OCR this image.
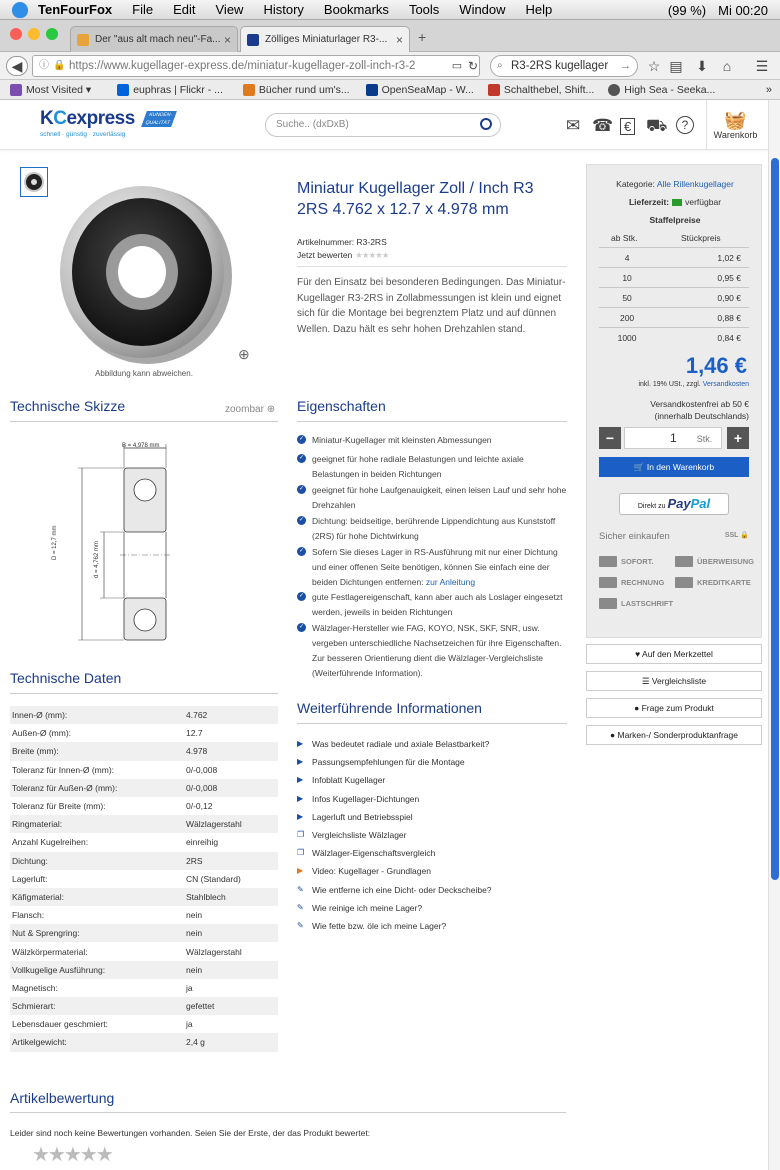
TenFourFox File Edit View History Bookmarks Tools Window Help	(99 %) Mi 00:20
Der "aus alt mach neu"-Fa... ×	Zölliges Miniaturlager R3-... × +
◀	ⓘ 🔒 https://www.kugellager-express.de/miniatur-kugellager-zoll-inch-r3-2	▭ ↻ ⌕ R3-2RS kugellager → ☆ ▤ ⬇ ⌂ ☰
Most Visited ▾	euphras | Flickr - ...	Bücher rund um's...	OpenSeaMap - W...	Schalthebel, Shift...	High Sea - Seeka...	»
KCexpress
schnell · günstig · zuverlässig
KUNDEN-QUALITÄT	Suche.. (dxDxB)	✉ ☎ € ⛟	?	🧺
Warenkorb
Abbildung kann abweichen.
⊕
Miniatur Kugellager Zoll / Inch R3 2RS 4.762 x 12.7 x 4.978 mm
Artikelnummer: R3-2RS
Jetzt bewerten ★★★★★
Für den Einsatz bei besonderen Bedingungen. Das Miniatur-Kugellager R3-2RS in Zollabmessungen ist klein und eignet sich für die Montage bei begrenztem Platz und auf dünnen Wellen. Dazu hält es sehr hohen Drehzahlen stand.
Kategorie: Alle Rillenkugellager
Lieferzeit: verfügbar
Staffelpreise
ab Stk.	Stückpreis
4	1,02 €
10	0,95 €
50	0,90 €
200	0,88 €
1000	0,84 €
1,46 €
inkl. 19% USt., zzgl. Versandkosten
Versandkostenfrei ab 50 €
(innerhalb Deutschlands)
−	1 Stk.	+
🛒 In den Warenkorb
Direkt zu PayPal
Sicher einkaufen	SSL 🔒
SOFORT.	ÜBERWEISUNG
RECHNUNG	KREDITKARTE
LASTSCHRIFT
♥ Auf den Merkzettel
☰ Vergleichsliste
● Frage zum Produkt
● Marken-/ Sonderproduktanfrage
Technische Skizze	zoombar ⊕
B = 4,978 mm
D = 12,7 mm	d = 4,762 mm
Eigenschaften
✓ Miniatur-Kugellager mit kleinsten Abmessungen
✓ geeignet für hohe radiale Belastungen und leichte axiale Belastungen in beiden Richtungen
✓ geeignet für hohe Laufgenauigkeit, einen leisen Lauf und sehr hohe Drehzahlen
✓ Dichtung: beidseitige, berührende Lippendichtung aus Kunststoff (2RS) für hohe Dichtwirkung
✓ Sofern Sie dieses Lager in RS-Ausführung mit nur einer Dichtung und einer offenen Seite benötigen, können Sie einfach eine der beiden Dichtungen entfernen: zur Anleitung
✓ gute Festlagereigenschaft, kann aber auch als Loslager eingesetzt werden, jeweils in beiden Richtungen
✓ Wälzlager-Hersteller wie FAG, KOYO, NSK, SKF, SNR, usw. vergeben unterschiedliche Nachsetzeichen für ihre Eigenschaften. Zur besseren Orientierung dient die Wälzlager-Vergleichsliste (Weiterführende Information).
Technische Daten
Innen-Ø (mm):	4.762
Außen-Ø (mm):	12.7
Breite (mm):	4.978
Toleranz für Innen-Ø (mm):	0/-0,008
Toleranz für Außen-Ø (mm):	0/-0,008
Toleranz für Breite (mm):	0/-0,12
Ringmaterial:	Wälzlagerstahl
Anzahl Kugelreihen:	einreihig
Dichtung:	2RS
Lagerluft:	CN (Standard)
Käfigmaterial:	Stahlblech
Flansch:	nein
Nut & Sprengring:	nein
Wälzkörpermaterial:	Wälzlagerstahl
Vollkugelige Ausführung:	nein
Magnetisch:	ja
Schmierart:	gefettet
Lebensdauer geschmiert:	ja
Artikelgewicht:	2,4 g
Weiterführende Informationen
▶ Was bedeutet radiale und axiale Belastbarkeit?
▶ Passungsempfehlungen für die Montage
▶ Infoblatt Kugellager
▶ Infos Kugellager-Dichtungen
▶ Lagerluft und Betriebsspiel
❐ Vergleichsliste Wälzlager
❐ Wälzlager-Eigenschaftsvergleich
▶ Video: Kugellager - Grundlagen
✎ Wie entferne ich eine Dicht- oder Deckscheibe?
✎ Wie reinige ich meine Lager?
✎ Wie fette bzw. öle ich meine Lager?
Artikelbewertung
Leider sind noch keine Bewertungen vorhanden. Seien Sie der Erste, der das Produkt bewertet:
★★★★★
